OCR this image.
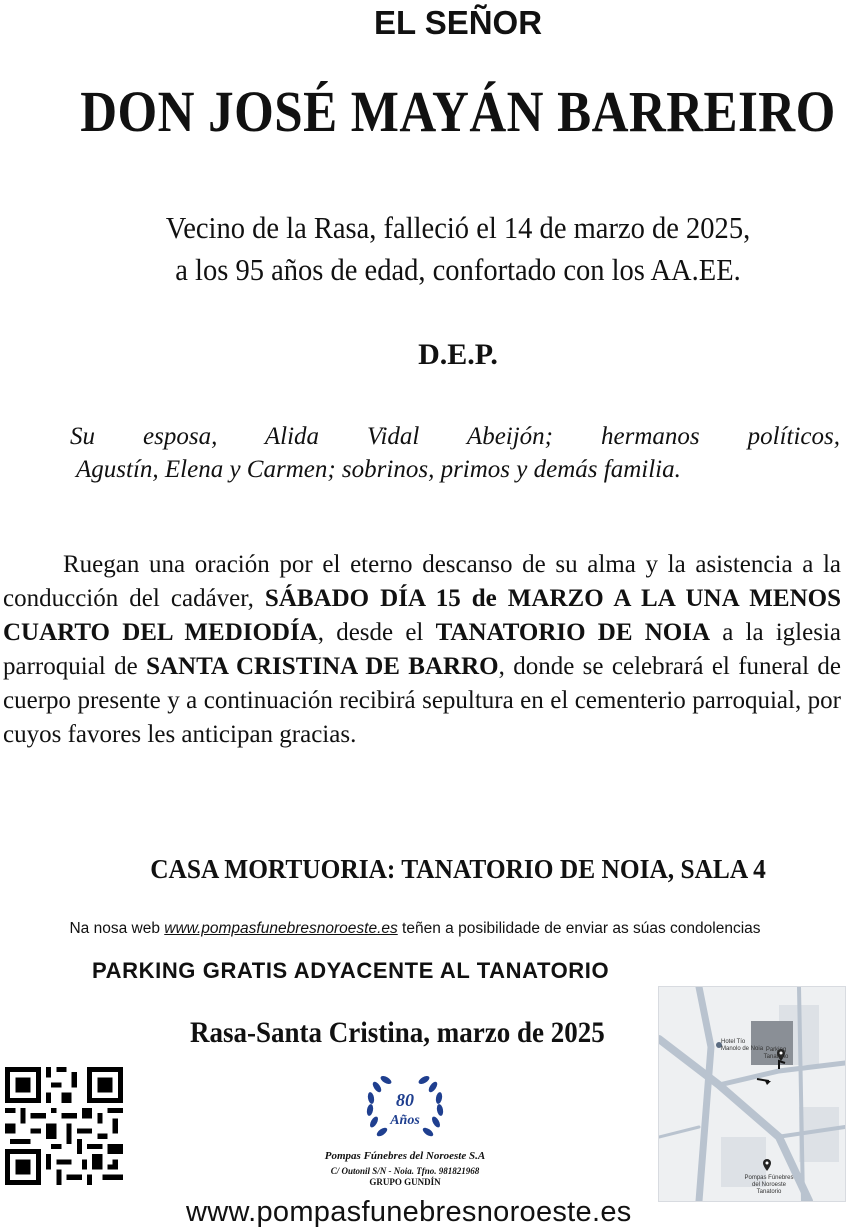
EL SEÑOR
DON JOSÉ MAYÁN BARREIRO
Vecino de la Rasa, falleció el 14 de marzo de 2025,
a los 95 años de edad, confortado con los AA.EE.
D.E.P.
Su esposa, Alida Vidal Abeijón; hermanos políticos,
Agustín, Elena y Carmen; sobrinos, primos y demás familia.
Ruegan una oración por el eterno descanso de su alma y la asistencia a la conducción del cadáver, SÁBADO DÍA 15 de MARZO A LA UNA MENOS CUARTO DEL MEDIODÍA, desde el TANATORIO DE NOIA a la iglesia parroquial de SANTA CRISTINA DE BARRO, donde se celebrará el funeral de cuerpo presente y a continuación recibirá sepultura en el cementerio parroquial, por cuyos favores les anticipan gracias.
CASA MORTUORIA: TANATORIO DE NOIA, SALA 4
Na nosa web www.pompasfunebresnoroeste.es teñen a posibilidade de enviar as súas condolencias
PARKING GRATIS ADYACENTE AL TANATORIO
Rasa-Santa Cristina, marzo de 2025
80
Años
Pompas Fúnebres del Noroeste S.A
C/ Outonil S/N - Noia. Tfno. 981821968
GRUPO GUNDÍN
www.pompasfunebresnoroeste.es
Hotel Tío Manolo de Noia Parking Tanatorio
Pompas Fúnebres del Noroeste Tanatorio
